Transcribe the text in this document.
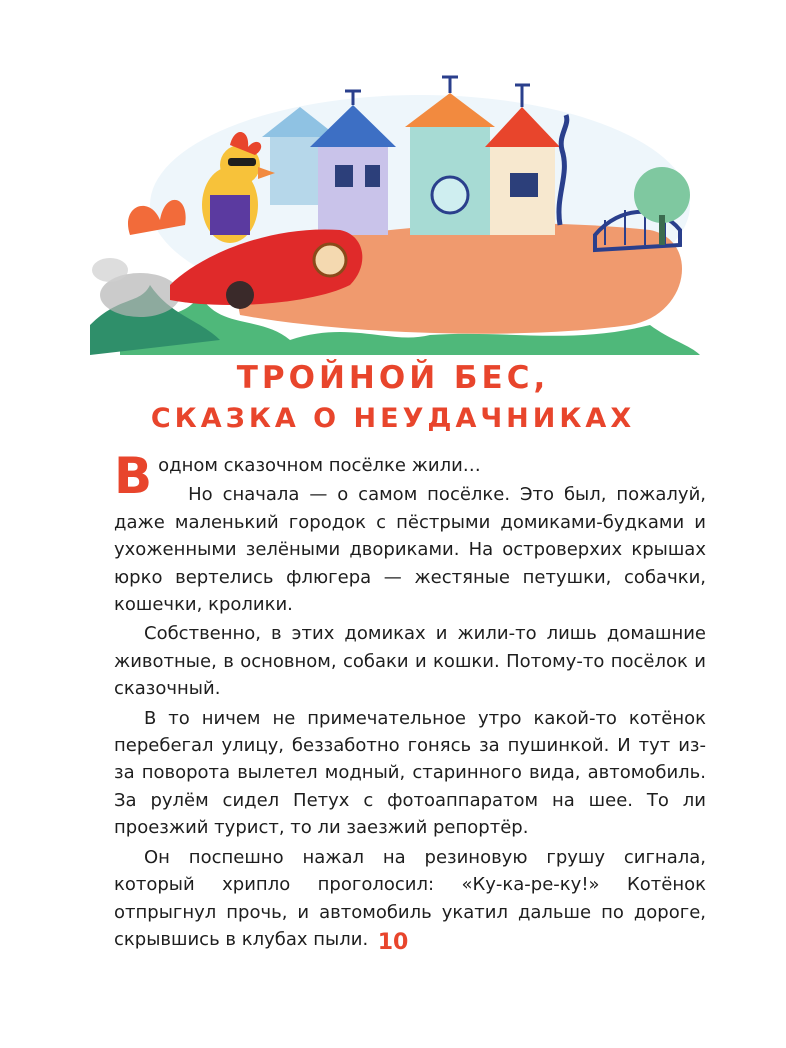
ТРОЙНОЙ БЕС,
СКАЗКА О НЕУДАЧНИКАХ

В одном сказочном посёлке жили…

Но сначала — о самом посёлке. Это был, пожалуй, даже маленький городок с пёстрыми домиками-будками и ухоженными зелёными двориками. На островерхих крышах юрко вертелись флюгера — жестяные петушки, собачки, кошечки, кролики.

Собственно, в этих домиках и жили-то лишь домашние животные, в основном, собаки и кошки. Потому-то посёлок и сказочный.

В то ничем не примечательное утро какой-то котёнок перебегал улицу, беззаботно гонясь за пушинкой. И тут из-за поворота вылетел модный, старинного вида, автомобиль. За рулём сидел Петух с фотоаппаратом на шее. То ли проезжий турист, то ли заезжий репортёр.

Он поспешно нажал на резиновую грушу сигнала, который хрипло проголосил: «Ку-ка-ре-ку!» Котёнок отпрыгнул прочь, и автомобиль укатил дальше по дороге, скрывшись в клубах пыли. 10
